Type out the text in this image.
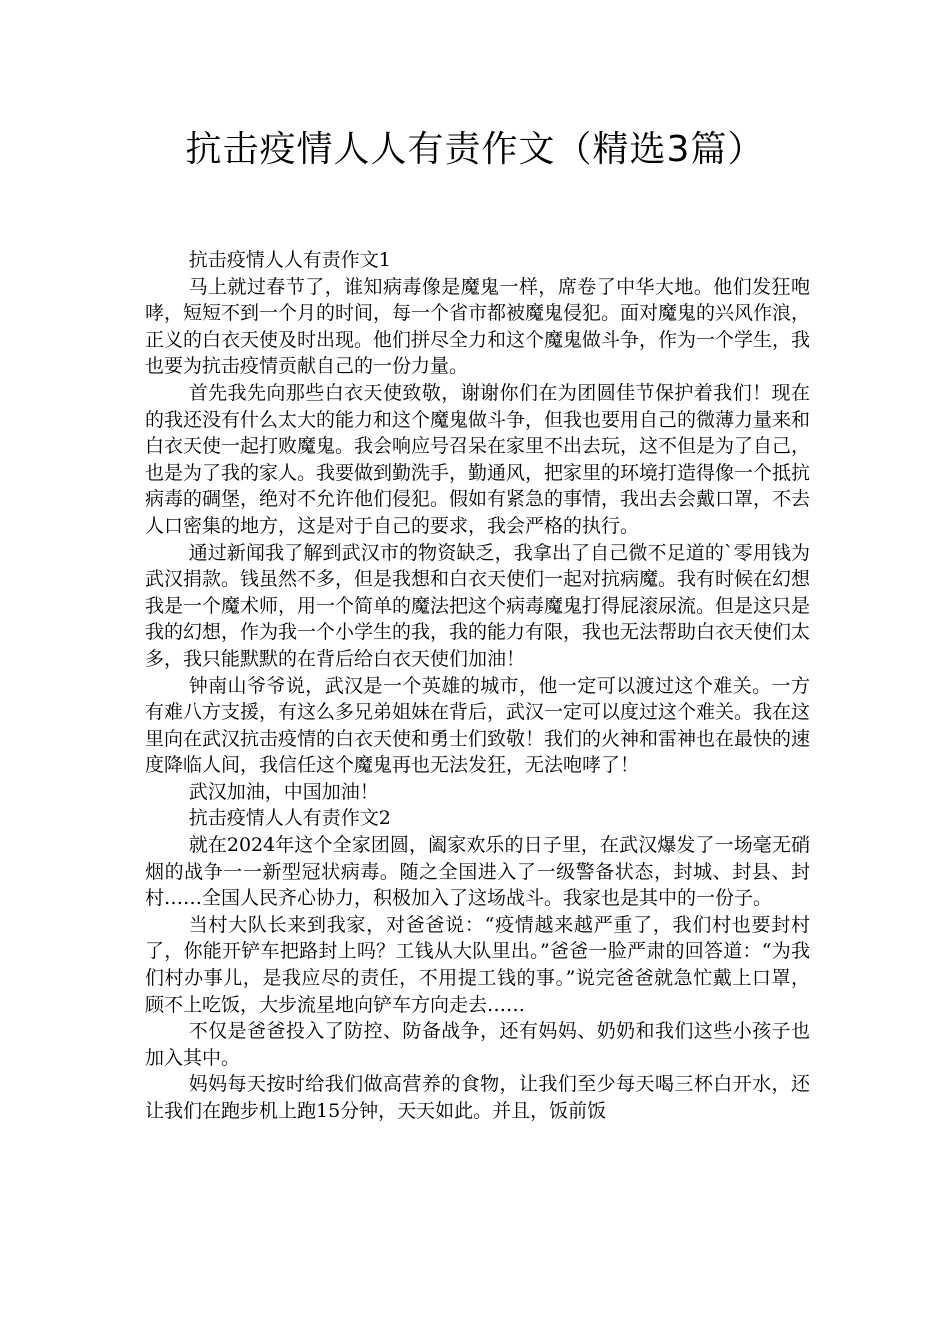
抗击疫情人人有责作文（精选3篇）

抗击疫情人人有责作文1

马上就过春节了，谁知病毒像是魔鬼一样，席卷了中华大地。他们发狂咆哮，短短不到一个月的时间，每一个省市都被魔鬼侵犯。面对魔鬼的兴风作浪，正义的白衣天使及时出现。他们拼尽全力和这个魔鬼做斗争，作为一个学生，我也要为抗击疫情贡献自己的一份力量。

首先我先向那些白衣天使致敬，谢谢你们在为团圆佳节保护着我们！现在的我还没有什么太大的能力和这个魔鬼做斗争，但我也要用自己的微薄力量来和白衣天使一起打败魔鬼。我会响应号召呆在家里不出去玩，这不但是为了自己，也是为了我的家人。我要做到勤洗手，勤通风，把家里的环境打造得像一个抵抗病毒的碉堡，绝对不允许他们侵犯。假如有紧急的事情，我出去会戴口罩，不去人口密集的地方，这是对于自己的要求，我会严格的执行。

通过新闻我了解到武汉市的物资缺乏，我拿出了自己微不足道的`零用钱为武汉捐款。钱虽然不多，但是我想和白衣天使们一起对抗病魔。我有时候在幻想我是一个魔术师，用一个简单的魔法把这个病毒魔鬼打得屁滚尿流。但是这只是我的幻想，作为我一个小学生的我，我的能力有限，我也无法帮助白衣天使们太多，我只能默默的在背后给白衣天使们加油！

钟南山爷爷说，武汉是一个英雄的城市，他一定可以渡过这个难关。一方有难八方支援，有这么多兄弟姐妹在背后，武汉一定可以度过这个难关。我在这里向在武汉抗击疫情的白衣天使和勇士们致敬！我们的火神和雷神也在最快的速度降临人间，我信任这个魔鬼再也无法发狂，无法咆哮了！

武汉加油，中国加油！

抗击疫情人人有责作文2

就在2024年这个全家团圆，阖家欢乐的日子里，在武汉爆发了一场毫无硝烟的战争一一新型冠状病毒。随之全国进入了一级警备状态，封城、封县、封村……全国人民齐心协力，积极加入了这场战斗。我家也是其中的一份子。

当村大队长来到我家，对爸爸说：“疫情越来越严重了，我们村也要封村了，你能开铲车把路封上吗？工钱从大队里出。”爸爸一脸严肃的回答道：“为我们村办事儿，是我应尽的责任，不用提工钱的事。”说完爸爸就急忙戴上口罩，顾不上吃饭，大步流星地向铲车方向走去……

不仅是爸爸投入了防控、防备战争，还有妈妈、奶奶和我们这些小孩子也加入其中。

妈妈每天按时给我们做高营养的食物，让我们至少每天喝三杯白开水，还让我们在跑步机上跑15分钟，天天如此。并且，饭前饭
